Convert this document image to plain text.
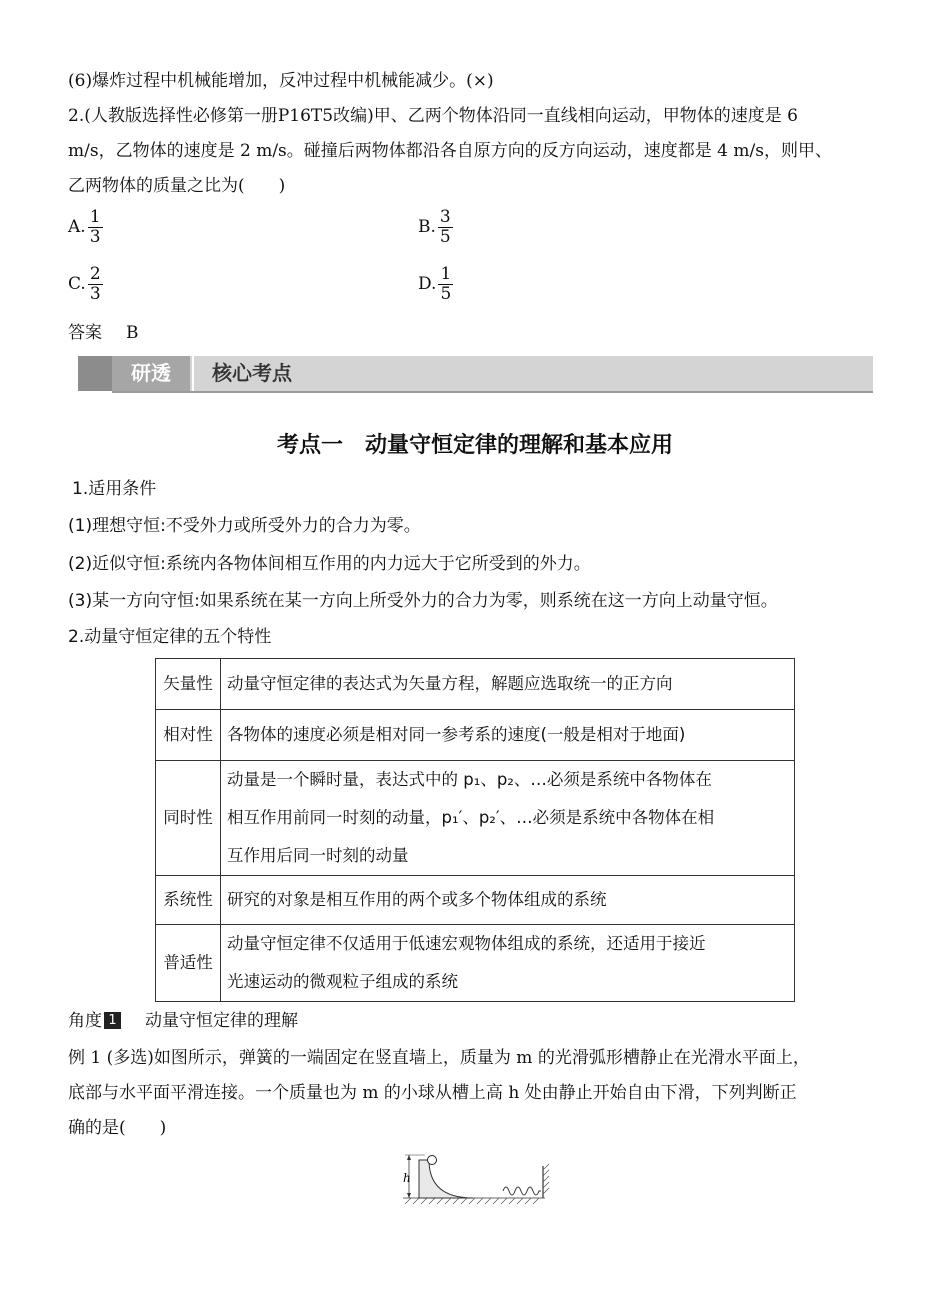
(6)爆炸过程中机械能增加，反冲过程中机械能减少。(×)
2.(人教版选择性必修第一册P16T5改编)甲、乙两个物体沿同一直线相向运动，甲物体的速度是 6
m/s，乙物体的速度是 2 m/s。碰撞后两物体都沿各自原方向的反方向运动，速度都是 4 m/s，则甲、
乙两物体的质量之比为(　　)
A. $\frac{1}{3}$	B. $\frac{3}{5}$
C. $\frac{2}{3}$	D. $\frac{1}{5}$
答案 B
研透	核心考点
考点一　动量守恒定律的理解和基本应用
1.适用条件
(1)理想守恒:不受外力或所受外力的合力为零。
(2)近似守恒:系统内各物体间相互作用的内力远大于它所受到的外力。
(3)某一方向守恒:如果系统在某一方向上所受外力的合力为零，则系统在这一方向上动量守恒。
2.动量守恒定律的五个特性
矢量性	动量守恒定律的表达式为矢量方程，解题应选取统一的正方向
相对性	各物体的速度必须是相对同一参考系的速度(一般是相对于地面)
同时性	动量是一个瞬时量，表达式中的 p₁、p₂、…必须是系统中各物体在
相互作用前同一时刻的动量，p₁′、p₂′、…必须是系统中各物体在相
互作用后同一时刻的动量

系统性	研究的对象是相互作用的两个或多个物体组成的系统
普适性	动量守恒定律不仅适用于低速宏观物体组成的系统，还适用于接近
光速运动的微观粒子组成的系统
角度 1 动量守恒定律的理解
例 1 (多选)如图所示，弹簧的一端固定在竖直墙上，质量为 m 的光滑弧形槽静止在光滑水平面上，
底部与水平面平滑连接。一个质量也为 m 的小球从槽上高 h 处由静止开始自由下滑，下列判断正
确的是(　　)
h
